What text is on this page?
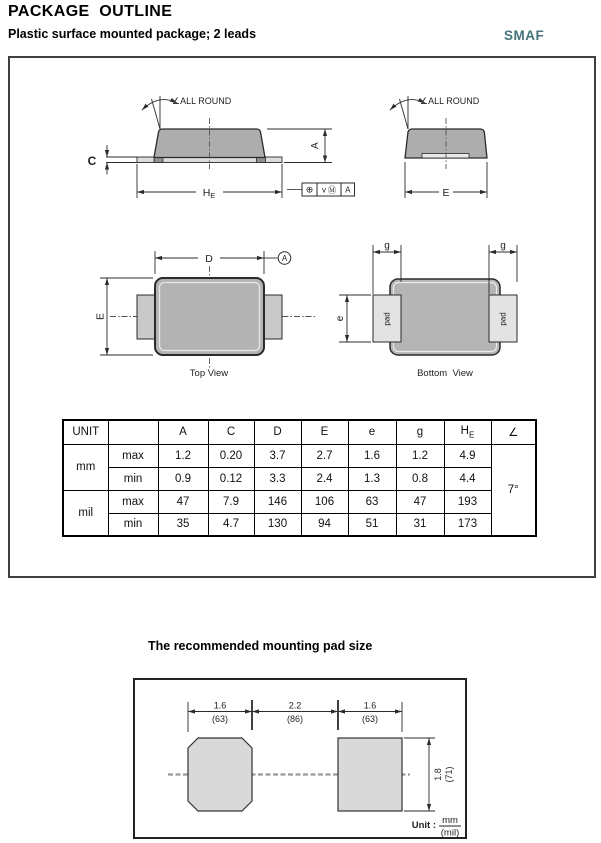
PACKAGE  OUTLINE
Plastic surface mounted package; 2 leads	SMAF
∠ALL ROUND
C
A
HE
⊕ v Ⓜ A
∠ALL ROUND
E
D	A
E
Top View
pad	pad
g	g
e
Bottom  View
UNIT		A	C	D	E	e	g	$H_E$	∠
mm	max	1.2	0.20	3.7	2.7	1.6	1.2	4.9	7°
	min	0.9	0.12	3.3	2.4	1.3	0.8	4.4	
mil	max	47	7.9	146	106	63	47	193	
	min	35	4.7	130	94	51	31	173	
The recommended mounting pad size
1.6
(63)
2.2
(86)
1.6
(63)
1.8 (71)
Unit : mm
(mil)
